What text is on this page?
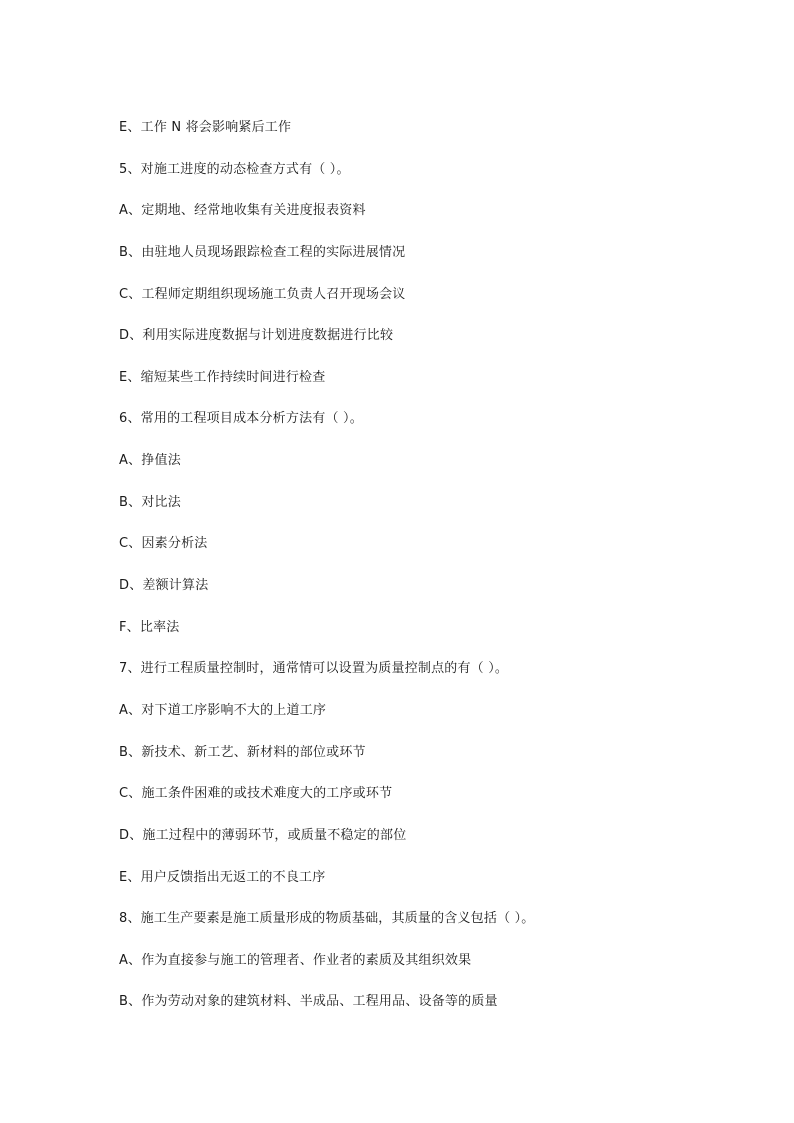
E、工作 N 将会影响紧后工作
5、对施工进度的动态检查方式有（ ）。
A、定期地、经常地收集有关进度报表资料
B、由驻地人员现场跟踪检查工程的实际进展情况
C、工程师定期组织现场施工负责人召开现场会议
D、利用实际进度数据与计划进度数据进行比较
E、缩短某些工作持续时间进行检查
6、常用的工程项目成本分析方法有（ ）。
A、挣值法
B、对比法
C、因素分析法
D、差额计算法
F、比率法
7、进行工程质量控制时，通常情可以设置为质量控制点的有（ ）。
A、对下道工序影响不大的上道工序
B、新技术、新工艺、新材料的部位或环节
C、施工条件困难的或技术难度大的工序或环节
D、施工过程中的薄弱环节，或质量不稳定的部位
E、用户反馈指出无返工的不良工序
8、施工生产要素是施工质量形成的物质基础，其质量的含义包括（ ）。
A、作为直接参与施工的管理者、作业者的素质及其组织效果
B、作为劳动对象的建筑材料、半成品、工程用品、设备等的质量
